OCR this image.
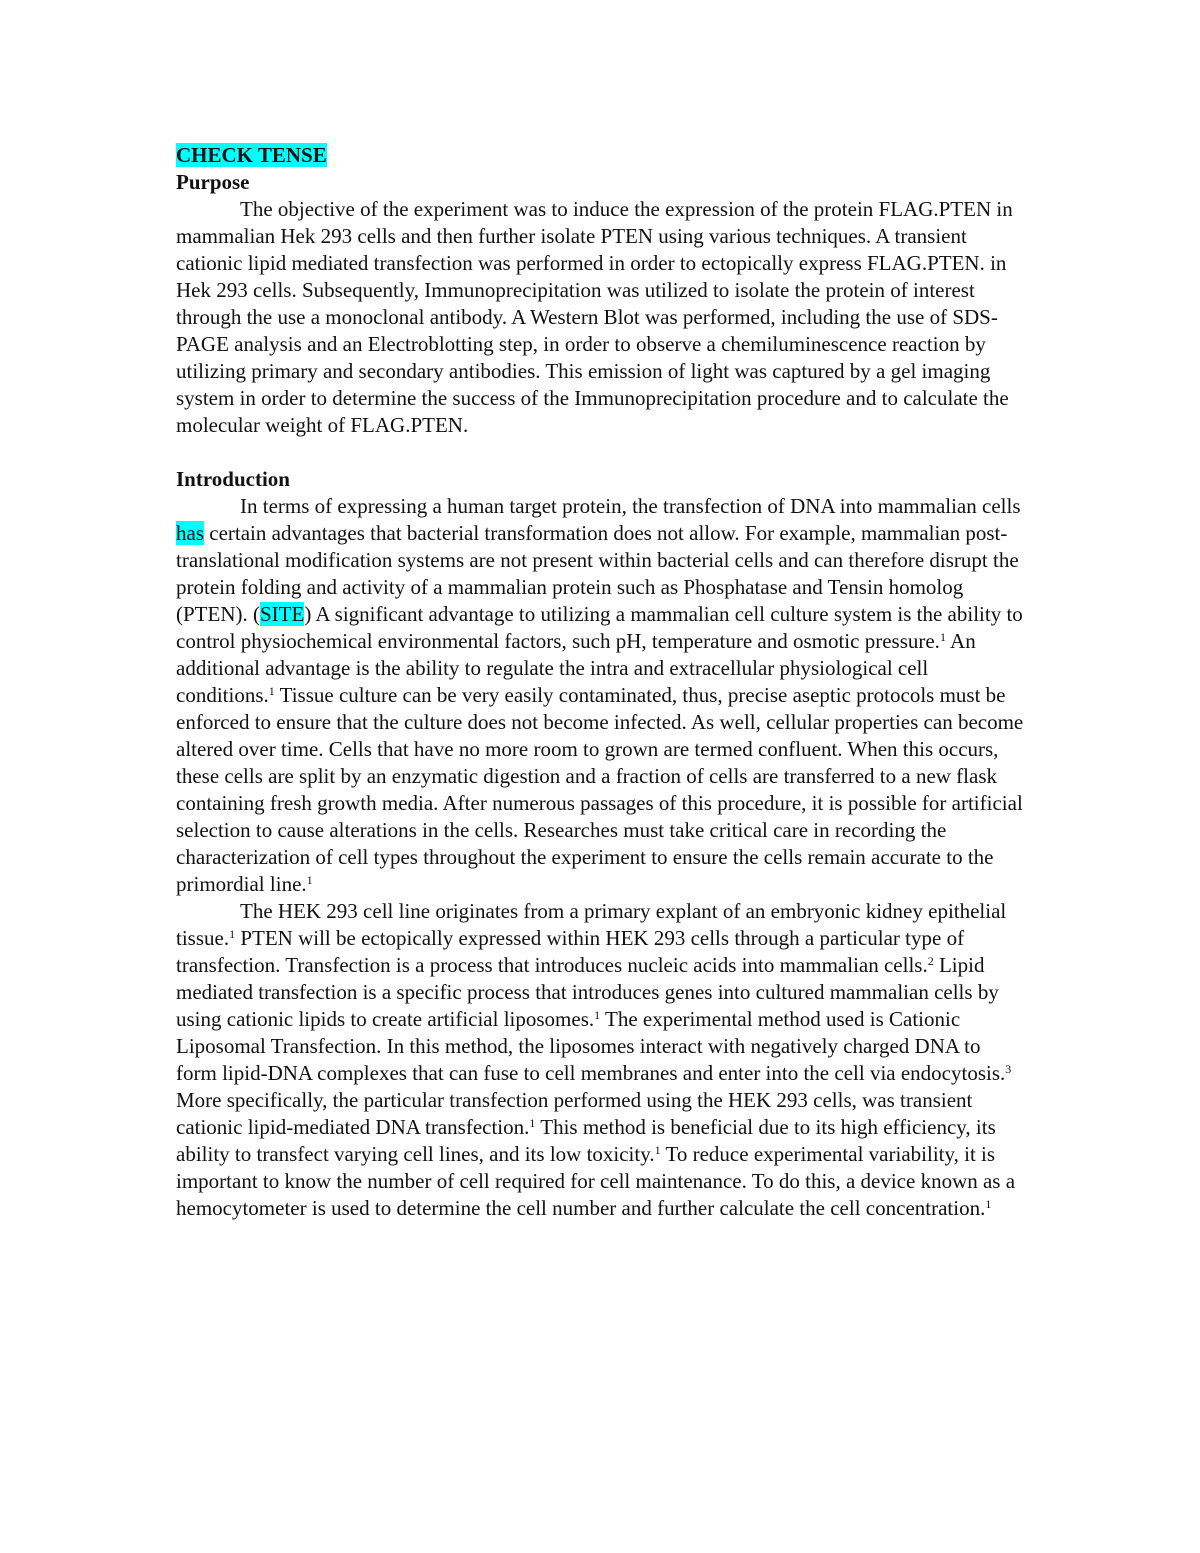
CHECK TENSE
Purpose

The objective of the experiment was to induce the expression of the protein FLAG.PTEN in mammalian Hek 293 cells and then further isolate PTEN using various techniques. A transient cationic lipid mediated transfection was performed in order to ectopically express FLAG.PTEN. in Hek 293 cells. Subsequently, Immunoprecipitation was utilized to isolate the protein of interest through the use a monoclonal antibody. A Western Blot was performed, including the use of SDS-PAGE analysis and an Electroblotting step, in order to observe a chemiluminescence reaction by utilizing primary and secondary antibodies. This emission of light was captured by a gel imaging system in order to determine the success of the Immunoprecipitation procedure and to calculate the molecular weight of FLAG.PTEN.

Introduction

In terms of expressing a human target protein, the transfection of DNA into mammalian cells has certain advantages that bacterial transformation does not allow. For example, mammalian post-translational modification systems are not present within bacterial cells and can therefore disrupt the protein folding and activity of a mammalian protein such as Phosphatase and Tensin homolog (PTEN). (SITE) A significant advantage to utilizing a mammalian cell culture system is the ability to control physiochemical environmental factors, such pH, temperature and osmotic pressure.$^1$ An additional advantage is the ability to regulate the intra and extracellular physiological cell conditions.$^1$ Tissue culture can be very easily contaminated, thus, precise aseptic protocols must be enforced to ensure that the culture does not become infected. As well, cellular properties can become altered over time. Cells that have no more room to grown are termed confluent. When this occurs, these cells are split by an enzymatic digestion and a fraction of cells are transferred to a new flask containing fresh growth media. After numerous passages of this procedure, it is possible for artificial selection to cause alterations in the cells. Researches must take critical care in recording the characterization of cell types throughout the experiment to ensure the cells remain accurate to the primordial line.$^1$

The HEK 293 cell line originates from a primary explant of an embryonic kidney epithelial tissue.$^1$ PTEN will be ectopically expressed within HEK 293 cells through a particular type of transfection. Transfection is a process that introduces nucleic acids into mammalian cells.$^2$ Lipid mediated transfection is a specific process that introduces genes into cultured mammalian cells by using cationic lipids to create artificial liposomes.$^1$ The experimental method used is Cationic Liposomal Transfection. In this method, the liposomes interact with negatively charged DNA to form lipid-DNA complexes that can fuse to cell membranes and enter into the cell via endocytosis.$^3$ More specifically, the particular transfection performed using the HEK 293 cells, was transient cationic lipid-mediated DNA transfection.$^1$ This method is beneficial due to its high efficiency, its ability to transfect varying cell lines, and its low toxicity.$^1$ To reduce experimental variability, it is important to know the number of cell required for cell maintenance. To do this, a device known as a hemocytometer is used to determine the cell number and further calculate the cell concentration.$^1$
